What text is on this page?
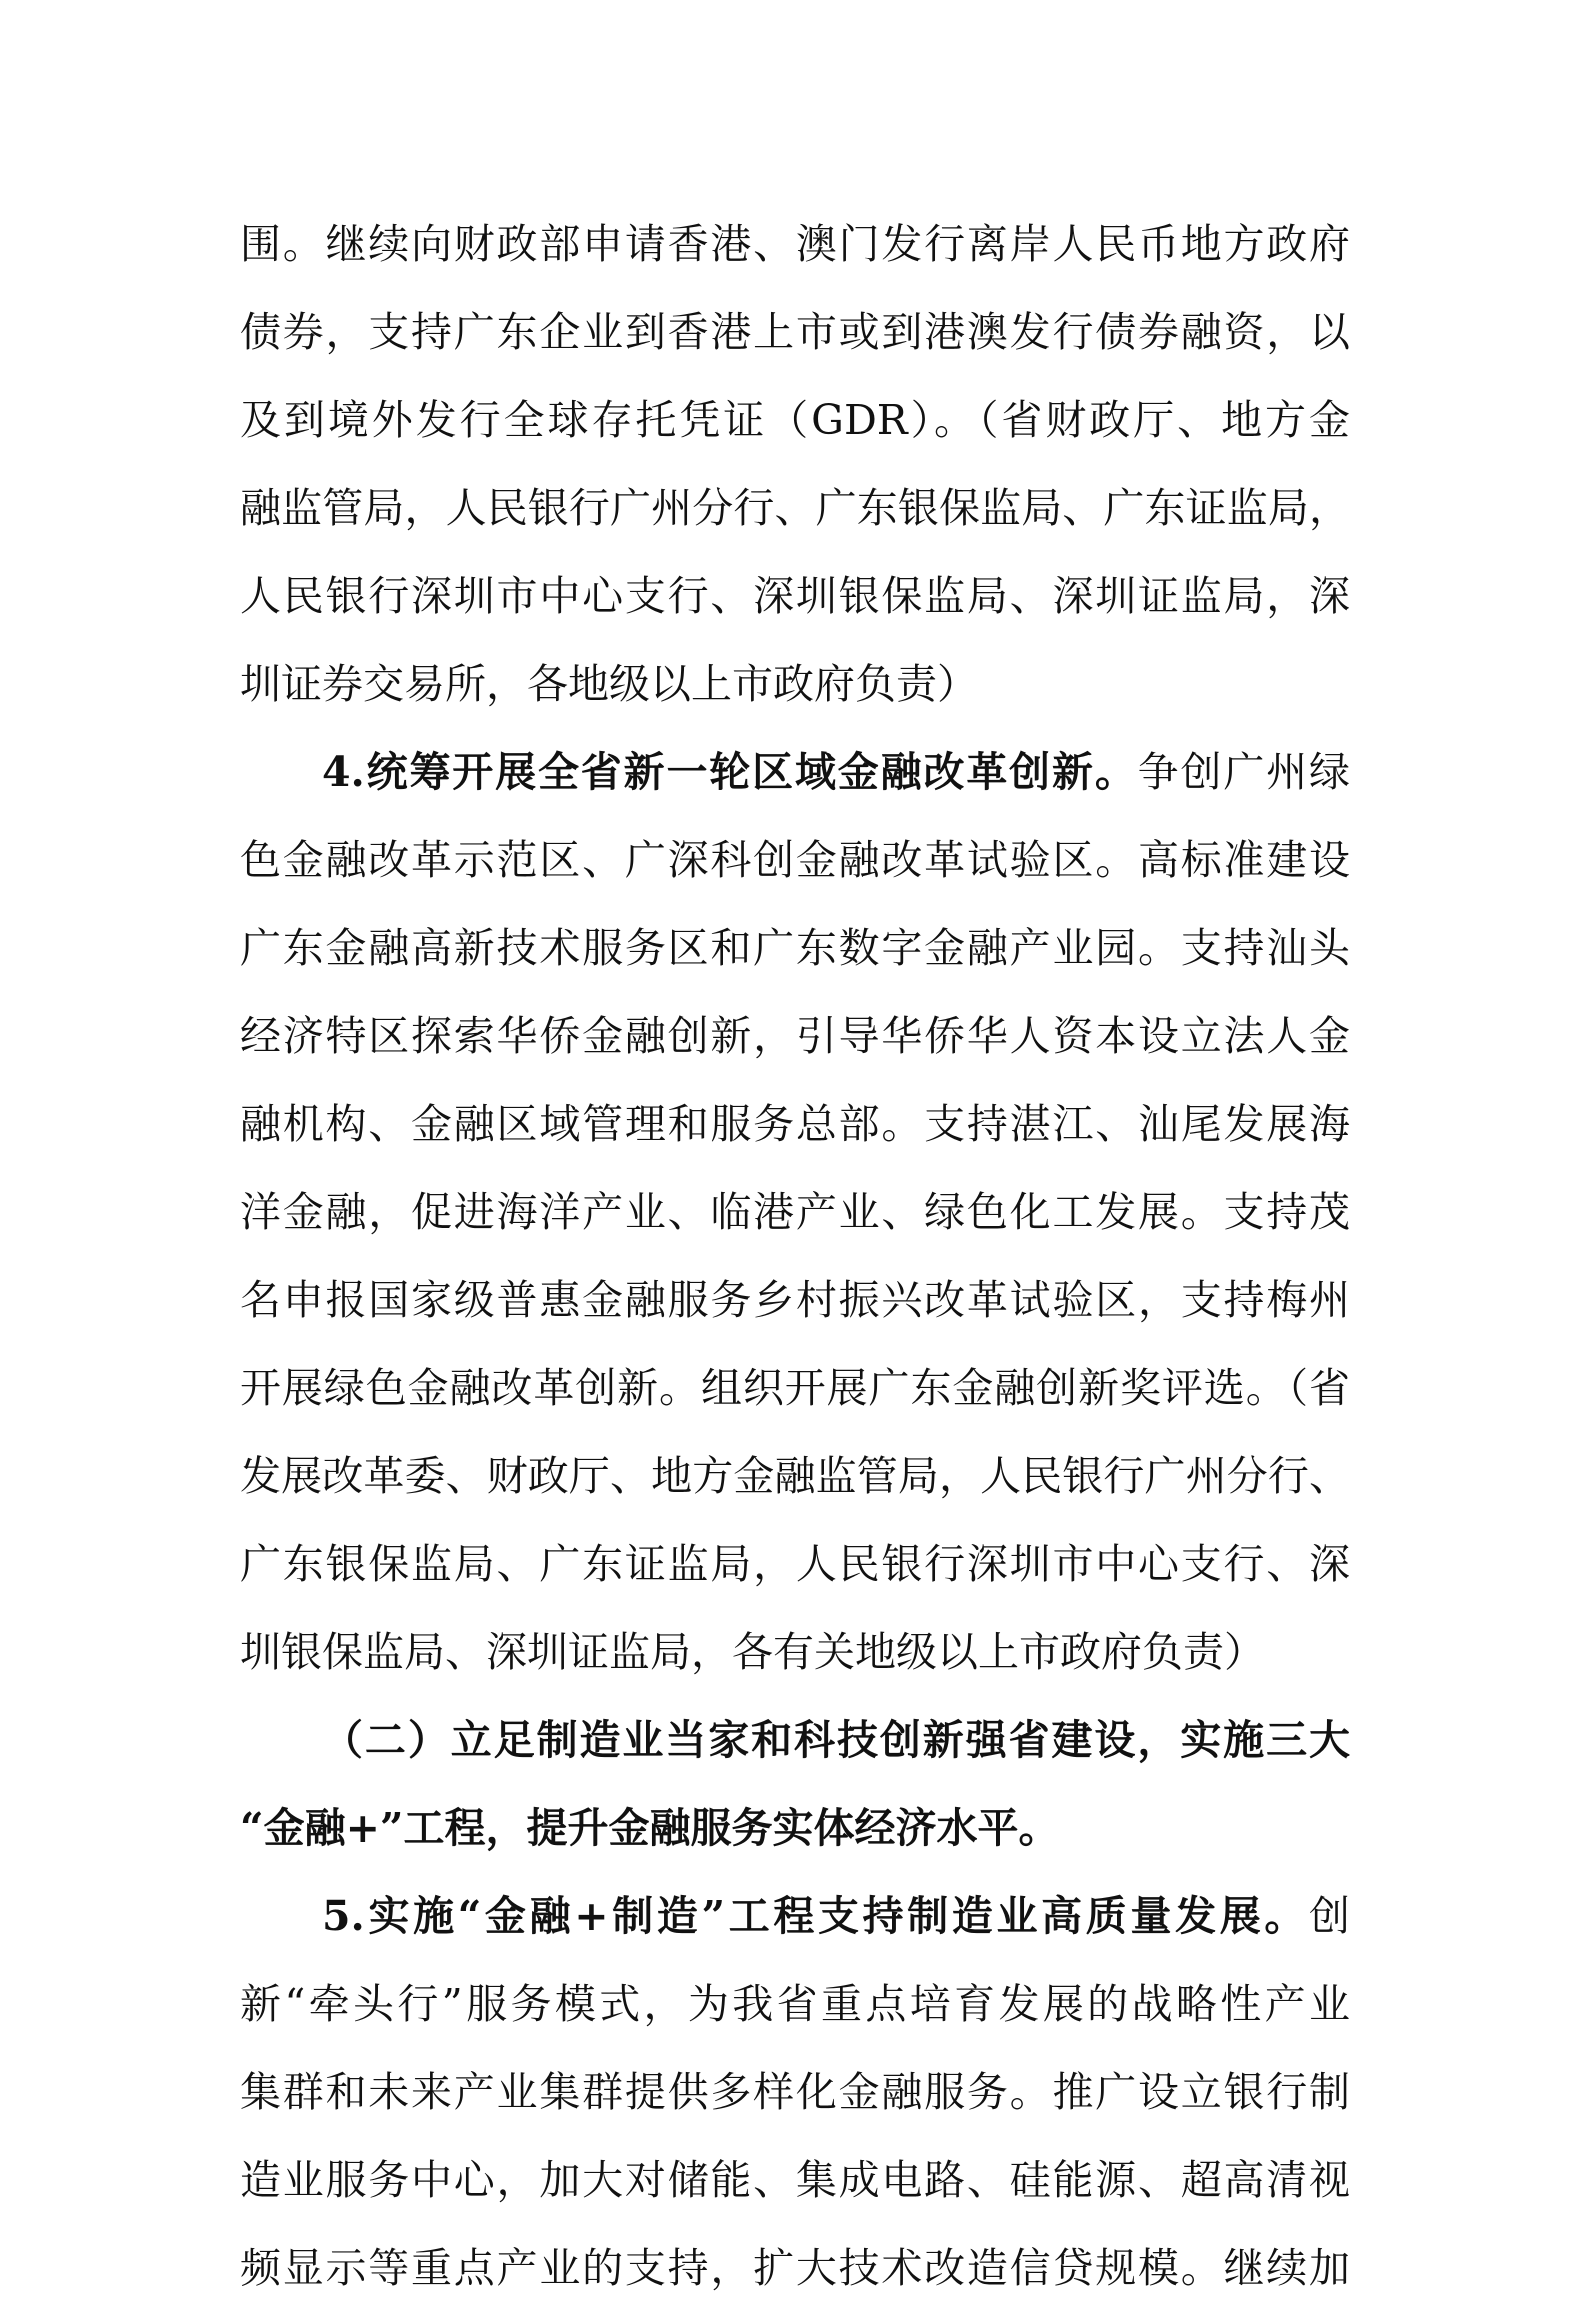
围。继续向财政部申请香港、澳门发行离岸人民币地方政府
债券，支持广东企业到香港上市或到港澳发行债券融资，以
及到境外发行全球存托凭证（GDR）。（省财政厅、地方金
融监管局，人民银行广州分行、广东银保监局、广东证监局，
人民银行深圳市中心支行、深圳银保监局、深圳证监局，深
圳证券交易所，各地级以上市政府负责）
4.统筹开展全省新一轮区域金融改革创新。争创广州绿
色金融改革示范区、广深科创金融改革试验区。高标准建设
广东金融高新技术服务区和广东数字金融产业园。支持汕头
经济特区探索华侨金融创新，引导华侨华人资本设立法人金
融机构、金融区域管理和服务总部。支持湛江、汕尾发展海
洋金融，促进海洋产业、临港产业、绿色化工发展。支持茂
名申报国家级普惠金融服务乡村振兴改革试验区，支持梅州
开展绿色金融改革创新。组织开展广东金融创新奖评选。（省
发展改革委、财政厅、地方金融监管局，人民银行广州分行、
广东银保监局、广东证监局，人民银行深圳市中心支行、深
圳银保监局、深圳证监局，各有关地级以上市政府负责）
（二）立足制造业当家和科技创新强省建设，实施三大
“金融+”工程，提升金融服务实体经济水平。
5.实施“金融+制造”工程支持制造业高质量发展。创
新“牵头行”服务模式，为我省重点培育发展的战略性产业
集群和未来产业集群提供多样化金融服务。推广设立银行制
造业服务中心，加大对储能、集成电路、硅能源、超高清视
频显示等重点产业的支持，扩大技术改造信贷规模。继续加
